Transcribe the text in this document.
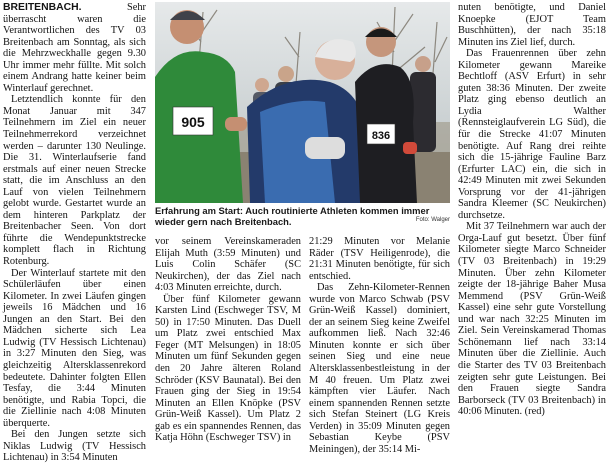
BREITENBACH.	Sehr überrascht waren die Verantwortlichen des TV 03 Breitenbach am Sonntag, als sich die Mehrzweckhalle gegen 9.30 Uhr immer mehr füllte. Mit solch einem Andrang hatte keiner beim Winterlauf gerechnet.

Letztendlich konnte für den Monat Januar mit 347 Teilnehmern im Ziel ein neuer Teilnehmerrekord verzeichnet werden – darunter 130 Neulinge. Die 31. Winterlaufserie fand erstmals auf einer neuen Strecke statt, die im Anschluss an den Lauf von vielen Teilnehmern gelobt wurde. Gestartet wurde an dem hinteren Parkplatz der Breitenbacher Seen. Von dort führte die Wendepunktstrecke komplett flach in Richtung Rotenburg.

Der Winterlauf startete mit den Schülerläufen über einen Kilometer. In zwei Läufen gingen jeweils 16 Mädchen und 16 Jungen an den Start. Bei den Mädchen sicherte sich Lea Ludwig (TV Hessisch Lichtenau) in 3:27 Minuten den Sieg, was gleichzeitig Altersklassenrekord bedeutete. Dahinter folgten Ellen Tesfay, die 3:44 Minuten benötigte, und Rabia Topci, die die Ziellinie nach 4:08 Minuten überquerte.

Bei den Jungen setzte sich Niklas Ludwig (TV Hessisch Lichtenau) in 3:54 Minuten

905
836
Erfahrung am Start: Auch routinierte Athleten kommen immer wieder gern nach Breitenbach.	Foto: Walger

vor seinem Vereinskameraden Elijah Muth (3:59 Minuten) und Luis Colin Schäfer (SC Neukirchen), der das Ziel nach 4:03 Minuten erreichte, durch.

Über fünf Kilometer gewann Karsten Lind (Eschweger TSV, M 50) in 17:50 Minuten. Das Duell um Platz zwei entschied Max Feger (MT Melsungen) in 18:05 Minuten um fünf Sekunden gegen den 20 Jahre älteren Roland Schröder (KSV Baunatal). Bei den Frauen ging der Sieg in 19:54 Minuten an Ellen Knöpke (PSV Grün-Weiß Kassel). Um Platz 2 gab es ein spannendes Rennen, das Katja Höhn (Eschweger TSV) in

21:29 Minuten vor Melanie Räder (TSV Heiligenrode), die 21:31 Minuten benötigte, für sich entschied.

Das Zehn-Kilometer-Rennen wurde von Marco Schwab (PSV Grün-Weiß Kassel) dominiert, der an seinem Sieg keine Zweifel aufkommen ließ. Nach 32:46 Minuten konnte er sich über seinen Sieg und eine neue Altersklassenbestleistung in der M 40 freuen. Um Platz zwei kämpften vier Läufer. Nach einem spannenden Rennen setzte sich Stefan Steinert (LG Kreis Verden) in 35:09 Minuten gegen Sebastian Keybe (PSV Meiningen), der 35:14 Mi-

nuten benötigte, und Daniel Knoepke (EJOT Team Buschhütten), der nach 35:18 Minuten ins Ziel lief, durch.

Das Frauenrennen über zehn Kilometer gewann Mareike Bechtloff (ASV Erfurt) in sehr guten 38:36 Minuten. Der zweite Platz ging ebenso deutlich an Lydia Walther (Rennsteiglaufverein LG Süd), die für die Strecke 41:07 Minuten benötigte. Auf Rang drei reihte sich die 15-jährige Fauline Barz (Erfurter LAC) ein, die sich in 42:49 Minuten mit zwei Sekunden Vorsprung vor der 41-jährigen Sandra Kleemer (SC Neukirchen) durchsetze.

Mit 37 Teilnehmern war auch der Orga-Lauf gut besetzt. Über fünf Kilometer siegte Marco Schneider (TV 03 Breitenbach) in 19:29 Minuten. Über zehn Kilometer zeigte der 18-jährige Baher Musa Memmend (PSV Grün-Weiß Kassel) eine sehr gute Vorstellung und war nach 32:25 Minuten im Ziel. Sein Vereinskamerad Thomas Schönemann lief nach 33:14 Minuten über die Ziellinie. Auch die Starter des TV 03 Breitenbach zeigten sehr gute Leistungen. Bei den Frauen siegte Sandra Barborseck (TV 03 Breitenbach) in 40:06 Minuten. (red)
